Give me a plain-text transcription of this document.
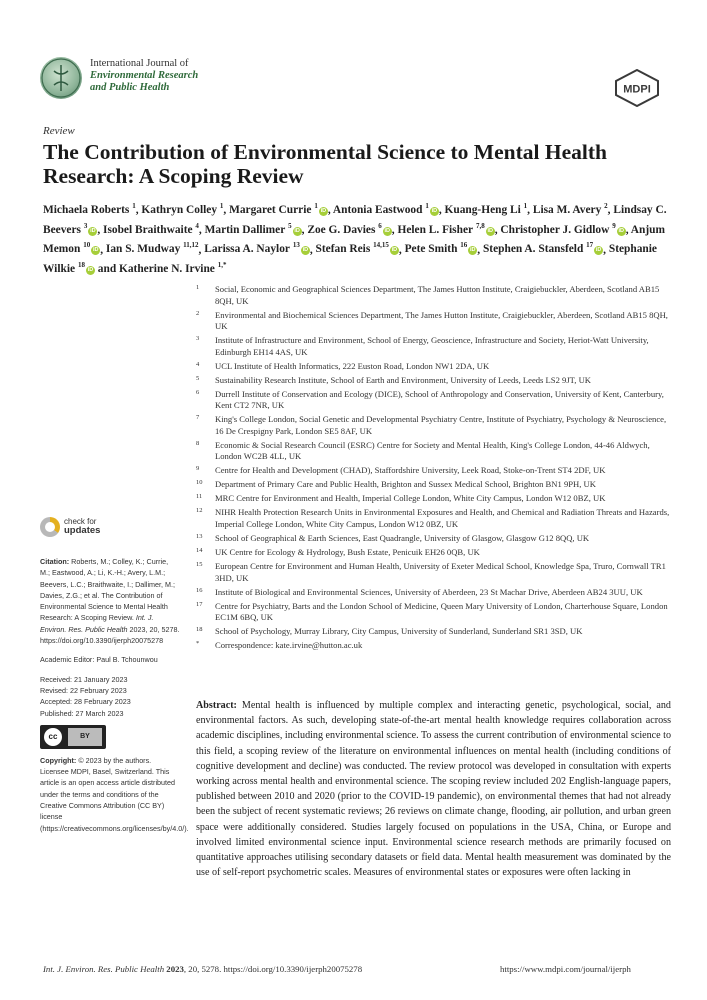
International Journal of
Environmental Research
and Public Health	MDPI
Review
The Contribution of Environmental Science to Mental Health Research: A Scoping Review
Michaela Roberts $^1$, Kathryn Colley $^1$, Margaret Currie $^1$iD , Antonia Eastwood $^1$iD , Kuang-Heng Li $^1$, Lisa M. Avery $^2$, Lindsay C. Beevers $^3$iD , Isobel Braithwaite $^4$, Martin Dallimer $^5$iD , Zoe G. Davies $^6$iD , Helen L. Fisher $^{7,8}$iD , Christopher J. Gidlow $^9$iD , Anjum Memon $^{10}$iD , Ian S. Mudway $^{11,12}$, Larissa A. Naylor $^{13}$iD , Stefan Reis $^{14,15}$iD , Pete Smith $^{16}$iD , Stephen A. Stansfeld $^{17}$iD , Stephanie Wilkie $^{18}$iD and Katherine N. Irvine $^{1,*}$
1 Social, Economic and Geographical Sciences Department, The James Hutton Institute, Craigiebuckler, Aberdeen, Scotland AB15 8QH, UK
2 Environmental and Biochemical Sciences Department, The James Hutton Institute, Craigiebuckler, Aberdeen, Scotland AB15 8QH, UK
3 Institute of Infrastructure and Environment, School of Energy, Geoscience, Infrastructure and Society, Heriot-Watt University, Edinburgh EH14 4AS, UK
4 UCL Institute of Health Informatics, 222 Euston Road, London NW1 2DA, UK
5 Sustainability Research Institute, School of Earth and Environment, University of Leeds, Leeds LS2 9JT, UK
6 Durrell Institute of Conservation and Ecology (DICE), School of Anthropology and Conservation, University of Kent, Canterbury, Kent CT2 7NR, UK
7 King's College London, Social Genetic and Developmental Psychiatry Centre, Institute of Psychiatry, Psychology & Neuroscience, 16 De Crespigny Park, London SE5 8AF, UK
8 Economic & Social Research Council (ESRC) Centre for Society and Mental Health, King's College London, 44-46 Aldwych, London WC2B 4LL, UK
9 Centre for Health and Development (CHAD), Staffordshire University, Leek Road, Stoke-on-Trent ST4 2DF, UK
10 Department of Primary Care and Public Health, Brighton and Sussex Medical School, Brighton BN1 9PH, UK
11 MRC Centre for Environment and Health, Imperial College London, White City Campus, London W12 0BZ, UK
12 NIHR Health Protection Research Units in Environmental Exposures and Health, and Chemical and Radiation Threats and Hazards, Imperial College London, White City Campus, London W12 0BZ, UK
13 School of Geographical & Earth Sciences, East Quadrangle, University of Glasgow, Glasgow G12 8QQ, UK
14 UK Centre for Ecology & Hydrology, Bush Estate, Penicuik EH26 0QB, UK
15 European Centre for Environment and Human Health, University of Exeter Medical School, Knowledge Spa, Truro, Cornwall TR1 3HD, UK
16 Institute of Biological and Environmental Sciences, University of Aberdeen, 23 St Machar Drive, Aberdeen AB24 3UU, UK
17 Centre for Psychiatry, Barts and the London School of Medicine, Queen Mary University of London, Charterhouse Square, London EC1M 6BQ, UK
18 School of Psychology, Murray Library, City Campus, University of Sunderland, Sunderland SR1 3SD, UK
* Correspondence: kate.irvine@hutton.ac.uk
check for
updates
Citation: Roberts, M.; Colley, K.; Currie, M.; Eastwood, A.; Li, K.-H.; Avery, L.M.; Beevers, L.C.; Braithwaite, I.; Dallimer, M.; Davies, Z.G.; et al. The Contribution of Environmental Science to Mental Health Research: A Scoping Review. Int. J. Environ. Res. Public Health 2023, 20, 5278. https://doi.org/10.3390/ijerph20075278
Academic Editor: Paul B. Tchounwou
Received: 21 January 2023
Revised: 22 February 2023
Accepted: 28 February 2023
Published: 27 March 2023
cc	BY
Copyright: © 2023 by the authors. Licensee MDPI, Basel, Switzerland. This article is an open access article distributed under the terms and conditions of the Creative Commons Attribution (CC BY) license (https://creativecommons.org/licenses/by/4.0/).
Abstract: Mental health is influenced by multiple complex and interacting genetic, psychological, social, and environmental factors. As such, developing state-of-the-art mental health knowledge requires collaboration across academic disciplines, including environmental science. To assess the current contribution of environmental science to this field, a scoping review of the literature on environmental influences on mental health (including conditions of cognitive development and decline) was conducted. The review protocol was developed in consultation with experts working across mental health and environmental science. The scoping review included 202 English-language papers, published between 2010 and 2020 (prior to the COVID-19 pandemic), on environmental themes that had not already been the subject of recent systematic reviews; 26 reviews on climate change, flooding, air pollution, and urban green space were additionally considered. Studies largely focused on populations in the USA, China, or Europe and involved limited environmental science input. Environmental science research methods are primarily focused on quantitative approaches utilising secondary datasets or field data. Mental health measurement was dominated by the use of self-report psychometric scales. Measures of environmental states or exposures were often lacking in
Int. J. Environ. Res. Public Health 2023, 20, 5278. https://doi.org/10.3390/ijerph20075278	https://www.mdpi.com/journal/ijerph
